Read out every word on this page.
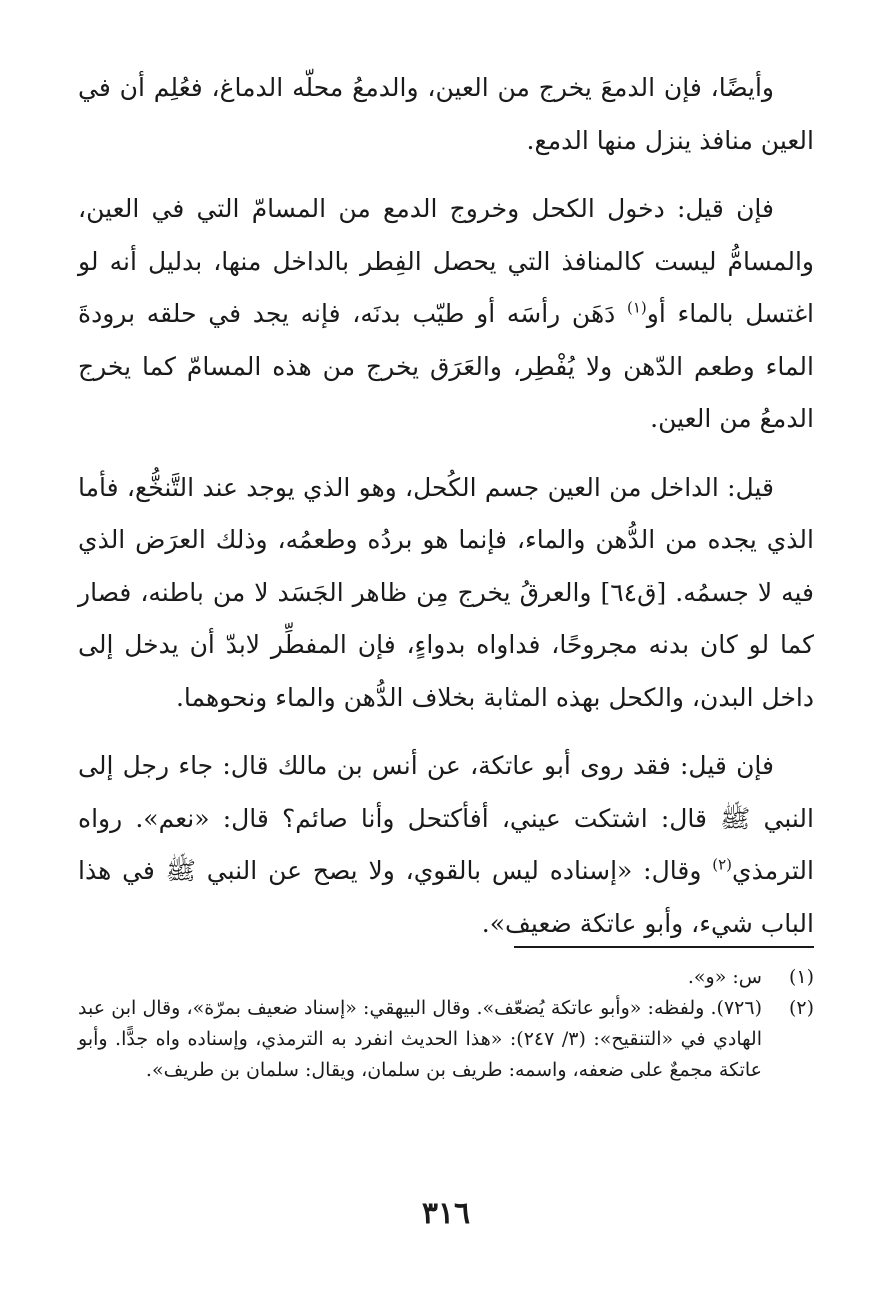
وأيضًا، فإن الدمعَ يخرج من العين، والدمعُ محلّه الدماغ، فعُلِم أن في العين منافذ ينزل منها الدمع.

فإن قيل: دخول الكحل وخروج الدمع من المسامّ التي في العين، والمسامُّ ليست كالمنافذ التي يحصل الفِطر بالداخل منها، بدليل أنه لو اغتسل بالماء أو$^{(١)}$ دَهَن رأسَه أو طيّب بدنَه، فإنه يجد في حلقه برودةَ الماء وطعم الدّهن ولا يُفْطِر، والعَرَق يخرج من هذه المسامّ كما يخرج الدمعُ من العين.

قيل: الداخل من العين جسم الكُحل، وهو الذي يوجد عند التَّنخُّع، فأما الذي يجده من الدُّهن والماء، فإنما هو بردُه وطعمُه، وذلك العرَض الذي فيه لا جسمُه. [ق٦٤] والعرقُ يخرج مِن ظاهر الجَسَد لا من باطنه، فصار كما لو كان بدنه مجروحًا، فداواه بدواءٍ، فإن المفطِّر لابدّ أن يدخل إلى داخل البدن، والكحل بهذه المثابة بخلاف الدُّهن والماء ونحوهما.

فإن قيل: فقد روى أبو عاتكة، عن أنس بن مالك قال: جاء رجل إلى النبي ﷺ قال: اشتكت عيني، أفأكتحل وأنا صائم؟ قال: «نعم». رواه الترمذي$^{(٢)}$ وقال: «إسناده ليس بالقوي، ولا يصح عن النبي ﷺ في هذا الباب شيء، وأبو عاتكة ضعيف».

(١)
س: «و».
(٢)
(٧٢٦). ولفظه: «وأبو عاتكة يُضعّف». وقال البيهقي: «إسناد ضعيف بمرّة»، وقال ابن عبد الهادي في «التنقيح»: (٣/ ٢٤٧): «هذا الحديث انفرد به الترمذي، وإسناده واه جدًّا. وأبو عاتكة مجمعٌ على ضعفه، واسمه: طريف بن سلمان، ويقال: سلمان بن طريف».
٣١٦
